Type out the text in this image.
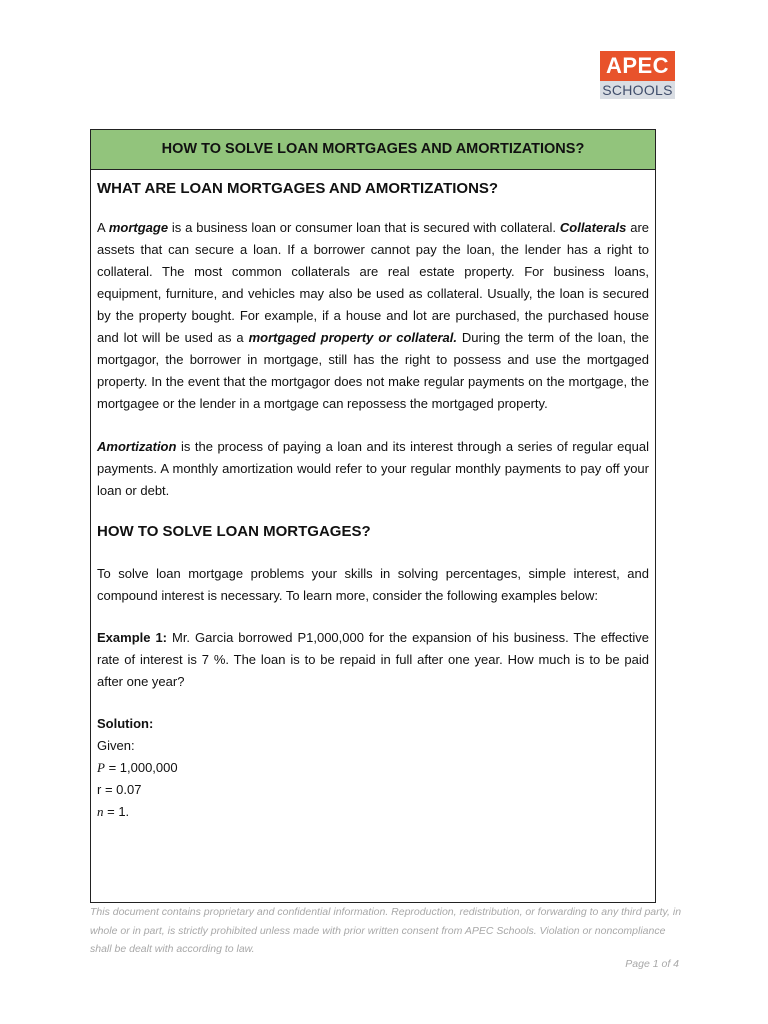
APEC
SCHOOLS
HOW TO SOLVE LOAN MORTGAGES AND AMORTIZATIONS?

WHAT ARE LOAN MORTGAGES AND AMORTIZATIONS?

A mortgage is a business loan or consumer loan that is secured with collateral. Collaterals are assets that can secure a loan. If a borrower cannot pay the loan, the lender has a right to collateral. The most common collaterals are real estate property. For business loans, equipment, furniture, and vehicles may also be used as collateral. Usually, the loan is secured by the property bought. For example, if a house and lot are purchased, the purchased house and lot will be used as a mortgaged property or collateral. During the term of the loan, the mortgagor, the borrower in mortgage, still has the right to possess and use the mortgaged property. In the event that the mortgagor does not make regular payments on the mortgage, the mortgagee or the lender in a mortgage can repossess the mortgaged property.

Amortization is the process of paying a loan and its interest through a series of regular equal payments. A monthly amortization would refer to your regular monthly payments to pay off your loan or debt.

HOW TO SOLVE LOAN MORTGAGES?

To solve loan mortgage problems your skills in solving percentages, simple interest, and compound interest is necessary. To learn more, consider the following examples below:

Example 1: Mr. Garcia borrowed P1,000,000 for the expansion of his business. The effective rate of interest is 7 %. The loan is to be repaid in full after one year. How much is to be paid after one year?

Solution:
Given:
P = 1,000,000
r = 0.07
n = 1.
This document contains proprietary and confidential information. Reproduction, redistribution, or forwarding to any third party, in whole or in part, is strictly prohibited unless made with prior written consent from APEC Schools. Violation or noncompliance shall be dealt with according to law.
Page 1 of 4
